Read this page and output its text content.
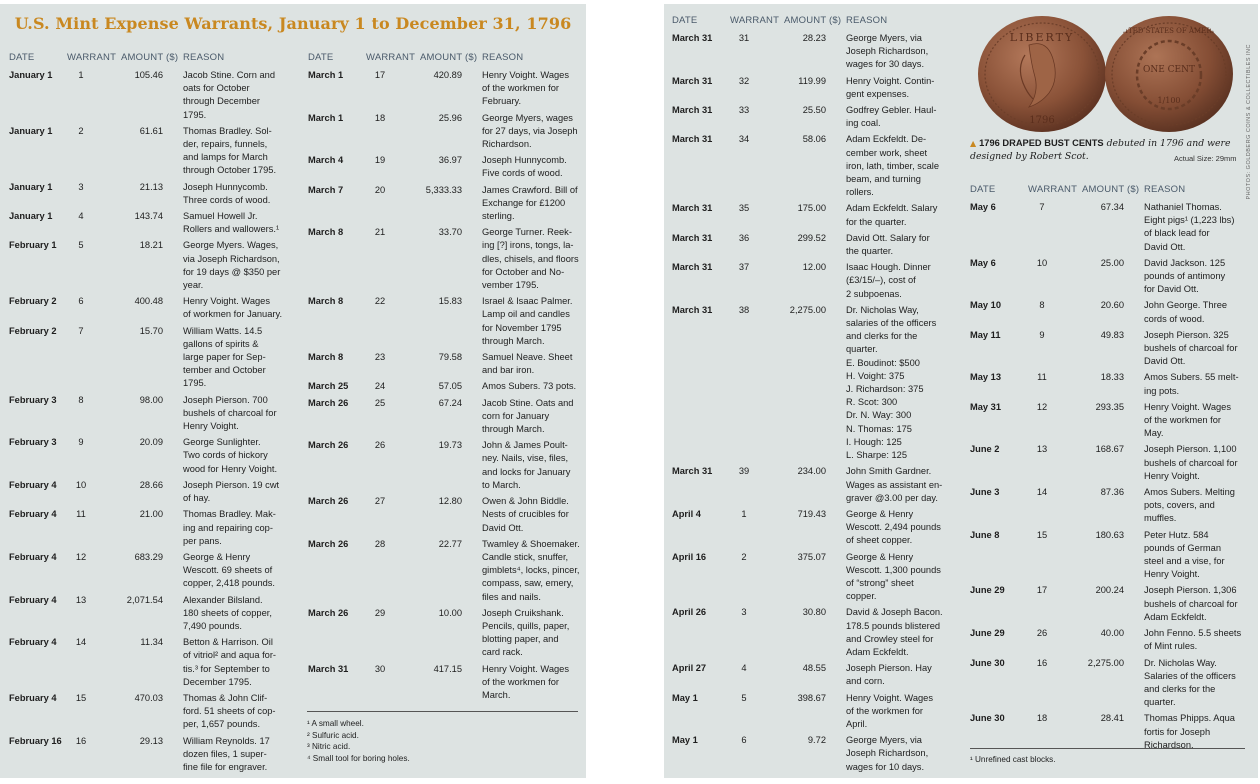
U.S. Mint Expense Warrants, January 1 to December 31, 1796
DATE	WARRANT AMOUNT ($) REASON
January 1	1	105.46 Jacob Stine. Corn and
oats for October
through December
1795.
January 1	2	61.61 Thomas Bradley. Sol-
der, repairs, funnels,
and lamps for March
through October 1795.
January 1	3	21.13 Joseph Hunnycomb.
Three cords of wood.
January 1	4	143.74 Samuel Howell Jr.
Rollers and wallowers.¹
February 1	5	18.21 George Myers. Wages,
via Joseph Richardson,
for 19 days @ $350 per
year.
February 2	6	400.48 Henry Voight. Wages
of workmen for January.
February 2	7	15.70 William Watts. 14.5
gallons of spirits &
large paper for Sep-
tember and October
1795.
February 3	8	98.00 Joseph Pierson. 700
bushels of charcoal for
Henry Voight.
February 3	9	20.09 George Sunlighter.
Two cords of hickory
wood for Henry Voight.
February 4	10	28.66 Joseph Pierson. 19 cwt
of hay.
February 4	11	21.00 Thomas Bradley. Mak-
ing and repairing cop-
per pans.
February 4	12	683.29 George & Henry
Wescott. 69 sheets of
copper, 2,418 pounds.
February 4	13	2,071.54 Alexander Bilsland.
180 sheets of copper,
7,490 pounds.
February 4	14	11.34 Betton & Harrison. Oil
of vitriol² and aqua for-
tis.³ for September to
December 1795.
February 4	15	470.03 Thomas & John Clif-
ford. 51 sheets of cop-
per, 1,657 pounds.
February 16	16	29.13 William Reynolds. 17
dozen files, 1 super-
fine file for engraver.
DATE	WARRANT AMOUNT ($) REASON
March 1	17	420.89 Henry Voight. Wages
of the workmen for
February.
March 1	18	25.96 George Myers, wages
for 27 days, via Joseph
Richardson.
March 4	19	36.97 Joseph Hunnycomb.
Five cords of wood.
March 7	20	5,333.33 James Crawford. Bill of
Exchange for £1200
sterling.
March 8	21	33.70 George Turner. Reek-
ing [?] irons, tongs, la-
dles, chisels, and floors
for October and No-
vember 1795.
March 8	22	15.83 Israel & Isaac Palmer.
Lamp oil and candles
for November 1795
through March.
March 8	23	79.58 Samuel Neave. Sheet
and bar iron.
March 25	24	57.05 Amos Subers. 73 pots.
March 26	25	67.24 Jacob Stine. Oats and
corn for January
through March.
March 26	26	19.73 John & James Poult-
ney. Nails, vise, files,
and locks for January
to March.
March 26	27	12.80 Owen & John Biddle.
Nests of crucibles for
David Ott.
March 26	28	22.77 Twamley & Shoemaker.
Candle stick, snuffer,
gimblets⁴, locks, pincer,
compass, saw, emery,
files and nails.
March 26	29	10.00 Joseph Cruikshank.
Pencils, quills, paper,
blotting paper, and
card rack.
March 31	30	417.15 Henry Voight. Wages
of the workmen for
March.
¹ A small wheel.
² Sulfuric acid.
³ Nitric acid.
⁴ Small tool for boring holes.
DATE	WARRANT AMOUNT ($) REASON
March 31	31	28.23 George Myers, via
Joseph Richardson,
wages for 30 days.
March 31	32	119.99 Henry Voight. Contin-
gent expenses.
March 31	33	25.50 Godfrey Gebler. Haul-
ing coal.
March 31	34	58.06 Adam Eckfeldt. De-
cember work, sheet
iron, lath, timber, scale
beam, and turning
rollers.
March 31	35	175.00 Adam Eckfeldt. Salary
for the quarter.
March 31	36	299.52 David Ott. Salary for
the quarter.
March 31	37	12.00 Isaac Hough. Dinner
(£3/15/–), cost of
2 subpoenas.
March 31	38	2,275.00 Dr. Nicholas Way,
salaries of the officers
and clerks for the
quarter.
E. Boudinot: $500
H. Voight: 375
J. Richardson: 375
R. Scot: 300
Dr. N. Way: 300
N. Thomas: 175
I. Hough: 125
L. Sharpe: 125
March 31	39	234.00 John Smith Gardner.
Wages as assistant en-
graver @3.00 per day.
April 4	1	719.43 George & Henry
Wescott. 2,494 pounds
of sheet copper.
April 16	2	375.07 George & Henry
Wescott. 1,300 pounds
of “strong” sheet
copper.
April 26	3	30.80 David & Joseph Bacon.
178.5 pounds blistered
and Crowley steel for
Adam Eckfeldt.
April 27	4	48.55 Joseph Pierson. Hay
and corn.
May 1	5	398.67 Henry Voight. Wages
of the workmen for
April.
May 1	6	9.72 George Myers, via
Joseph Richardson,
wages for 10 days.
LIBERTY
1796
ONE CENT
1/100
UNITED STATES OF AMERICA
▲ 1796 DRAPED BUST CENTS debuted in 1796 and were designed by Robert Scot.	Actual Size: 29mm
DATE	WARRANT AMOUNT ($) REASON
May 6	7	67.34 Nathaniel Thomas.
Eight pigs¹ (1,223 lbs)
of black lead for
David Ott.
May 6	10	25.00 David Jackson. 125
pounds of antimony
for David Ott.
May 10	8	20.60 John George. Three
cords of wood.
May 11	9	49.83 Joseph Pierson. 325
bushels of charcoal for
David Ott.
May 13	11	18.33 Amos Subers. 55 melt-
ing pots.
May 31	12	293.35 Henry Voight. Wages
of the workmen for
May.
June 2	13	168.67 Joseph Pierson. 1,100
bushels of charcoal for
Henry Voight.
June 3	14	87.36 Amos Subers. Melting
pots, covers, and
muffles.
June 8	15	180.63 Peter Hutz. 584
pounds of German
steel and a vise, for
Henry Voight.
June 29	17	200.24 Joseph Pierson. 1,306
bushels of charcoal for
Adam Eckfeldt.
June 29	26	40.00 John Fenno. 5.5 sheets
of Mint rules.
June 30	16	2,275.00 Dr. Nicholas Way.
Salaries of the officers
and clerks for the
quarter.
June 30	18	28.41 Thomas Phipps. Aqua
fortis for Joseph
Richardson.
¹ Unrefined cast blocks.
PHOTOS: GOLDBERG COINS & COLLECTIBLES INC
